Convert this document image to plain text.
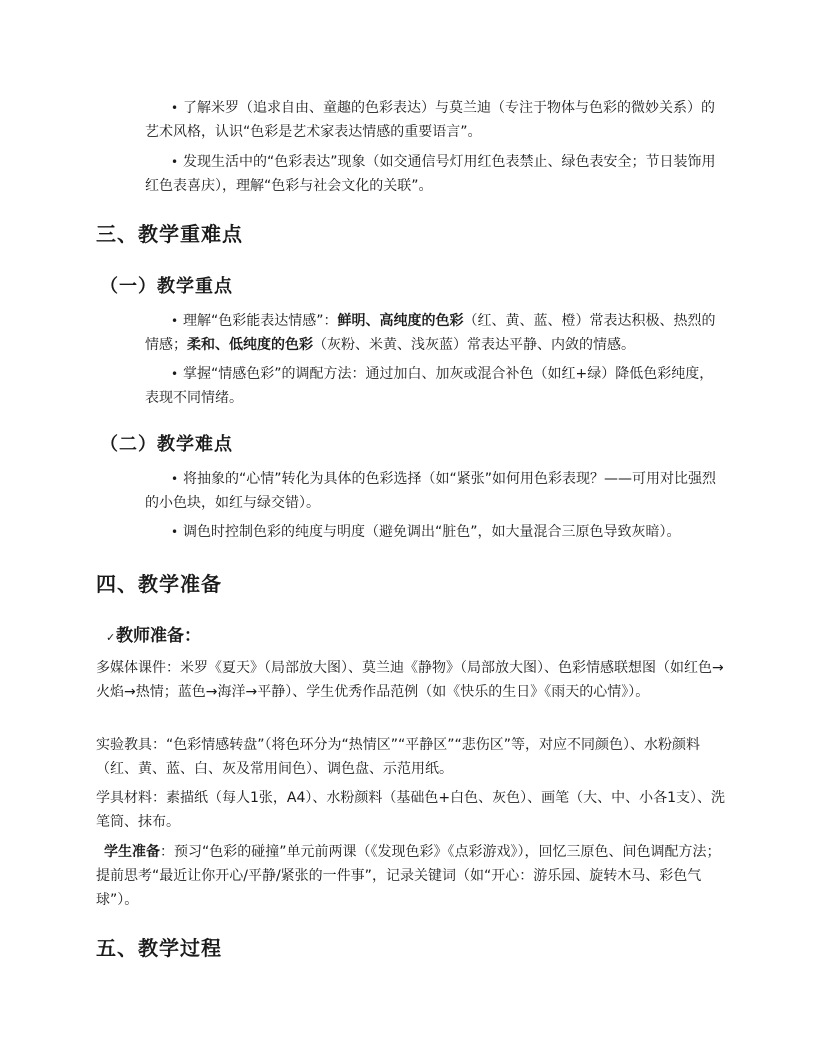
• 了解米罗（追求自由、童趣的色彩表达）与莫兰迪（专注于物体与色彩的微妙关系）的艺术风格，认识“色彩是艺术家表达情感的重要语言”。

• 发现生活中的“色彩表达”现象（如交通信号灯用红色表禁止、绿色表安全；节日装饰用红色表喜庆），理解“色彩与社会文化的关联”。

三、教学重难点
（一）教学重点

• 理解“色彩能表达情感”：鲜明、高纯度的色彩（红、黄、蓝、橙）常表达积极、热烈的情感；柔和、低纯度的色彩（灰粉、米黄、浅灰蓝）常表达平静、内敛的情感。

• 掌握“情感色彩”的调配方法：通过加白、加灰或混合补色（如红+绿）降低色彩纯度，表现不同情绪。

（二）教学难点

• 将抽象的“心情”转化为具体的色彩选择（如“紧张”如何用色彩表现？——可用对比强烈的小色块，如红与绿交错）。

• 调色时控制色彩的纯度与明度（避免调出“脏色”，如大量混合三原色导致灰暗）。

四、教学准备
✓教师准备：

多媒体课件：米罗《夏天》（局部放大图）、莫兰迪《静物》（局部放大图）、色彩情感联想图（如红色→火焰→热情；蓝色→海洋→平静）、学生优秀作品范例（如《快乐的生日》《雨天的心情》）。

实验教具：“色彩情感转盘”（将色环分为“热情区”“平静区”“悲伤区”等，对应不同颜色）、水粉颜料（红、黄、蓝、白、灰及常用间色）、调色盘、示范用纸。

学具材料：素描纸（每人1张，A4）、水粉颜料（基础色+白色、灰色）、画笔（大、中、小各1支）、洗笔筒、抹布。

学生准备：预习“色彩的碰撞”单元前两课（《发现色彩》《点彩游戏》），回忆三原色、间色调配方法；提前思考“最近让你开心/平静/紧张的一件事”，记录关键词（如“开心：游乐园、旋转木马、彩色气球”）。

五、教学过程
